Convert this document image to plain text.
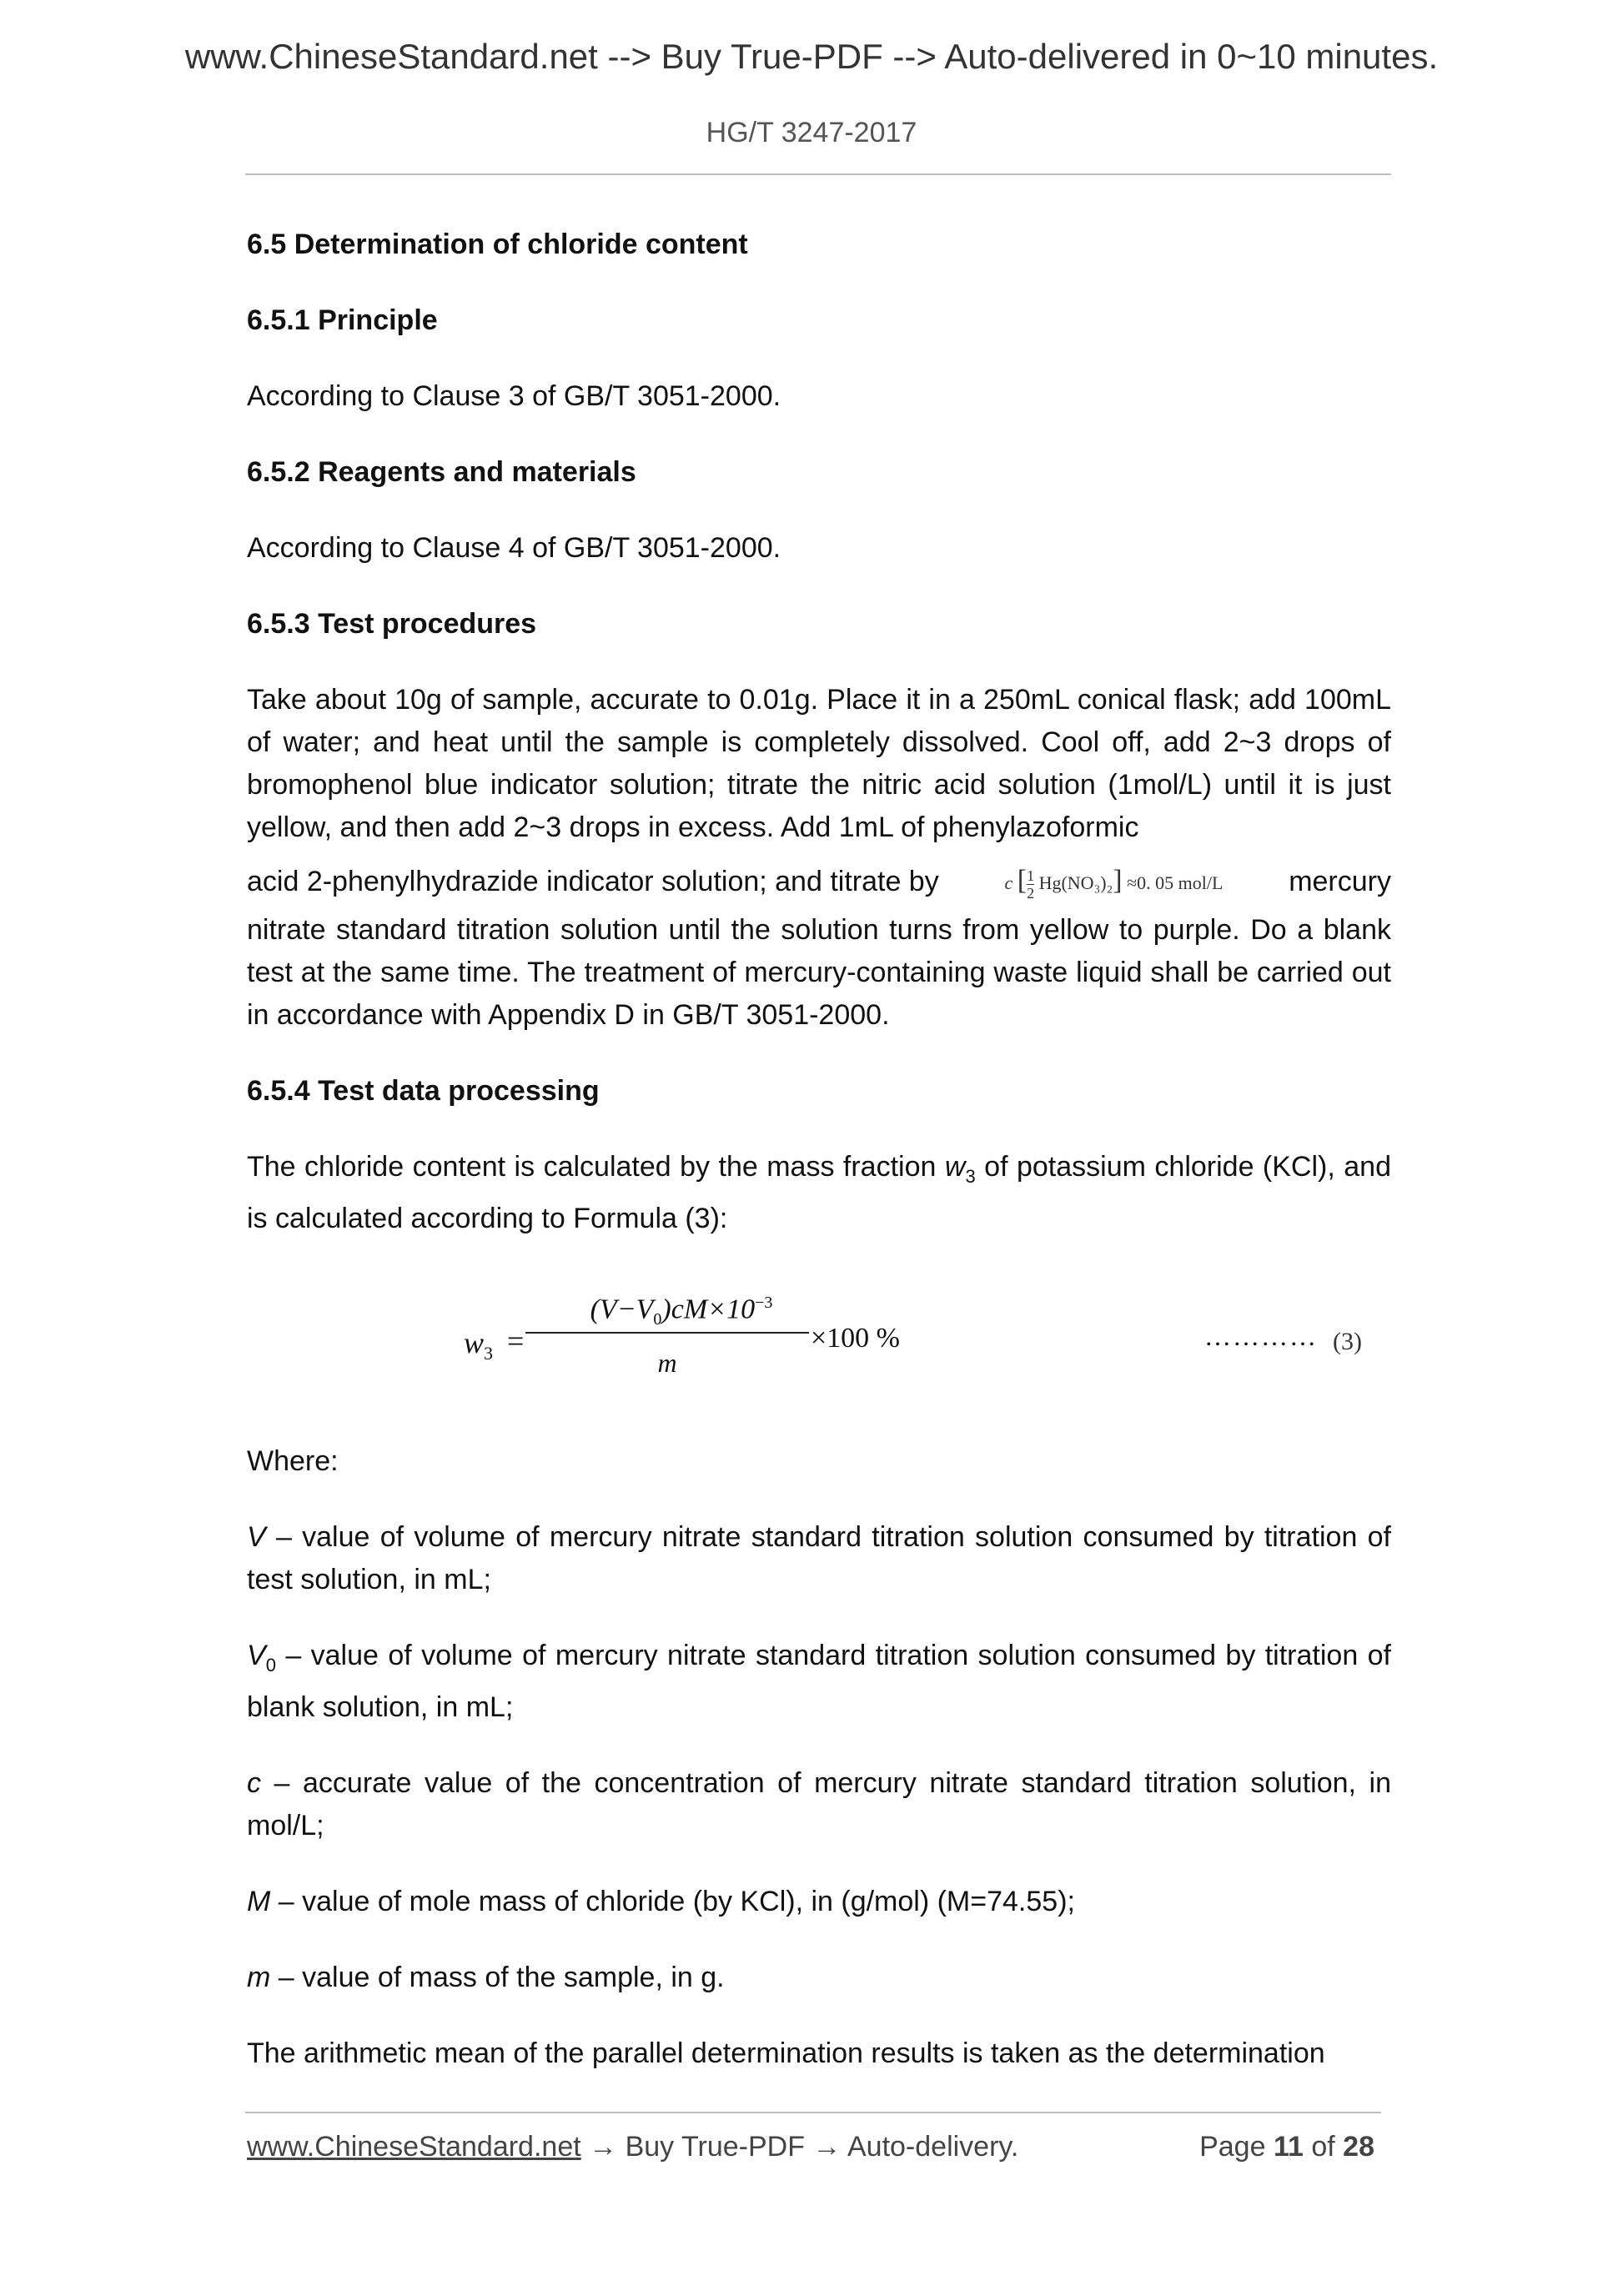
www.ChineseStandard.net --> Buy True-PDF --> Auto-delivered in 0~10 minutes.
HG/T 3247-2017
6.5 Determination of chloride content
6.5.1 Principle
According to Clause 3 of GB/T 3051-2000.
6.5.2 Reagents and materials
According to Clause 4 of GB/T 3051-2000.
6.5.3 Test procedures
Take about 10g of sample, accurate to 0.01g. Place it in a 250mL conical flask; add 100mL of water; and heat until the sample is completely dissolved. Cool off, add 2~3 drops of bromophenol blue indicator solution; titrate the nitric acid solution (1mol/L) until it is just yellow, and then add 2~3 drops in excess. Add 1mL of phenylazoformic
acid 2-phenylhydrazide indicator solution; and titrate by	c [ $\frac{1}{2} Hg(NO_3)_2] \approx 0$. 05 mol/L mercury
nitrate standard titration solution until the solution turns from yellow to purple. Do a blank test at the same time. The treatment of mercury-containing waste liquid shall be carried out in accordance with Appendix D in GB/T 3051-2000.
6.5.4 Test data processing
The chloride content is calculated by the mass fraction $w_3$ of potassium chloride (KCl), and is calculated according to Formula (3):
$w_3$ =
$(V-V_0)cM\times 10^{-3}$
m
×100 %	………… (3)
Where:
V – value of volume of mercury nitrate standard titration solution consumed by titration of test solution, in mL;
$V_0$ – value of volume of mercury nitrate standard titration solution consumed by titration of blank solution, in mL;
c – accurate value of the concentration of mercury nitrate standard titration solution, in mol/L;
M – value of mole mass of chloride (by KCl), in (g/mol) (M=74.55);
m – value of mass of the sample, in g.
The arithmetic mean of the parallel determination results is taken as the determination
www.ChineseStandard.net → Buy True-PDF → Auto-delivery.	Page 11 of 28
